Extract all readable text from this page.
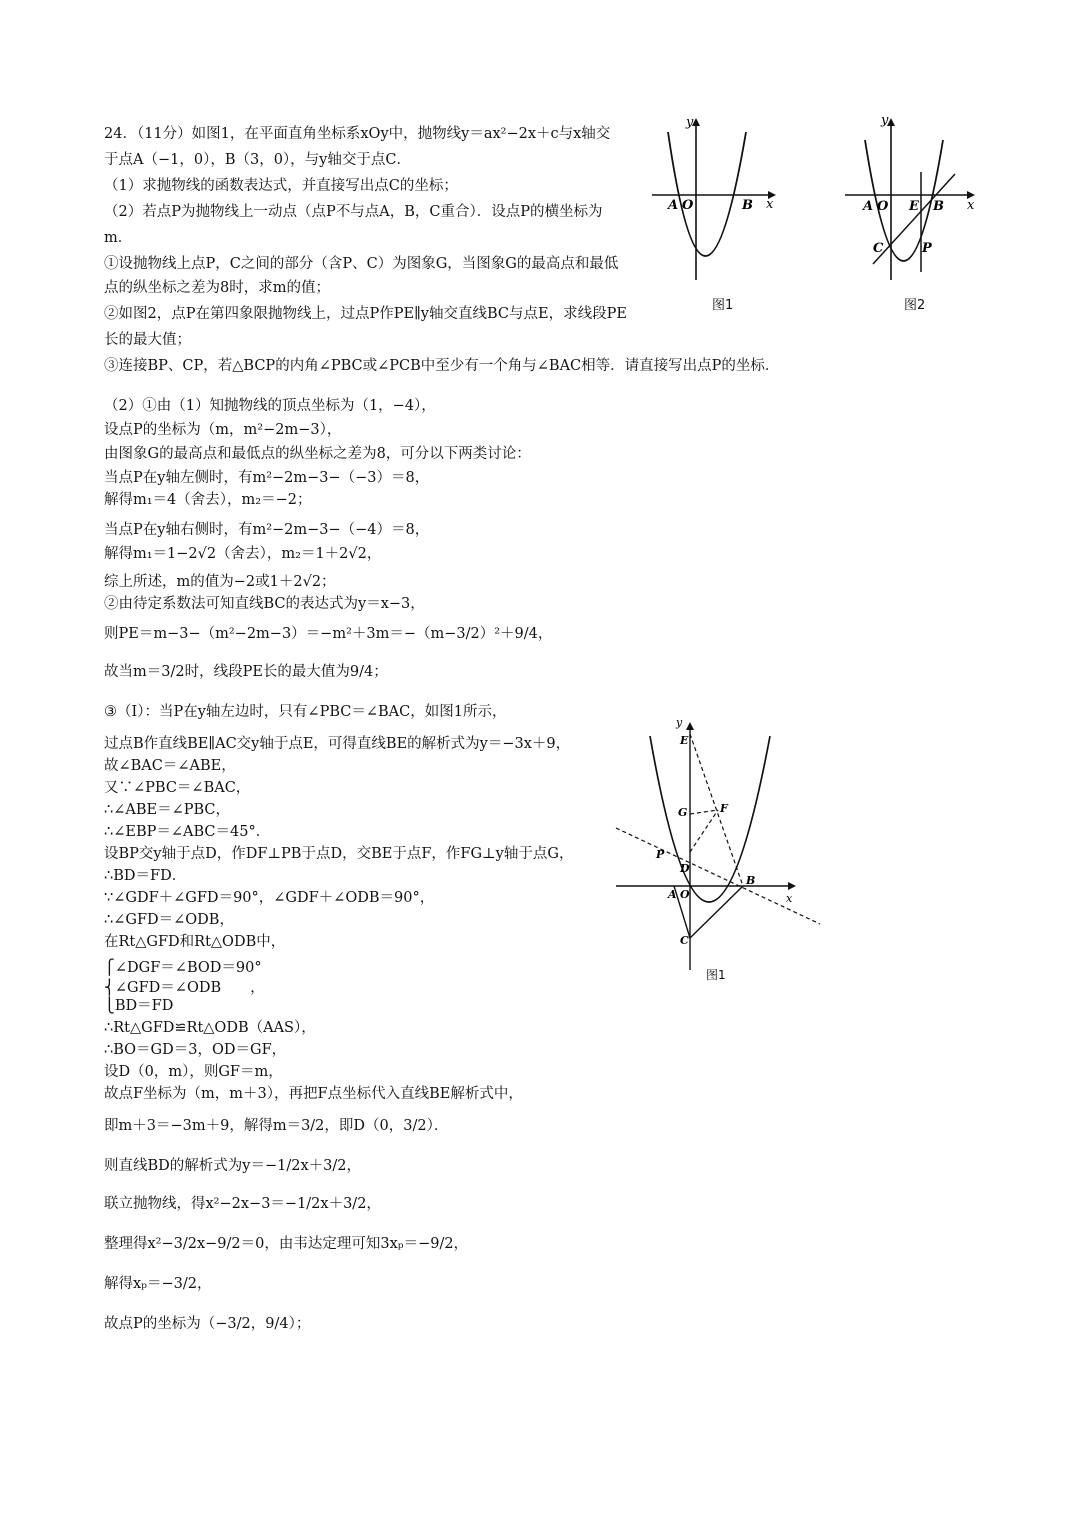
24．（11分）如图1，在平面直角坐标系xOy中，抛物线y＝ax²−2x＋c与x轴交
于点A（−1，0），B（3，0），与y轴交于点C．
（1）求抛物线的函数表达式，并直接写出点C的坐标；
（2）若点P为抛物线上一动点（点P不与点A，B，C重合）．设点P的横坐标为
m．
①设抛物线上点P，C之间的部分（含P、C）为图象G，当图象G的最高点和最低
点的纵坐标之差为8时，求m的值；
②如图2，点P在第四象限抛物线上，过点P作PE∥y轴交直线BC与点E，求线段PE
长的最大值；
③连接BP、CP，若△BCP的内角∠PBC或∠PCB中至少有一个角与∠BAC相等．请直接写出点P的坐标．
y
x
A O	B
图1
y
x
A O E B
C	P
图2
（2）①由（1）知抛物线的顶点坐标为（1，−4），
设点P的坐标为（m，m²−2m−3），
由图象G的最高点和最低点的纵坐标之差为8，可分以下两类讨论：
当点P在y轴左侧时，有m²−2m−3−（−3）＝8，
解得m₁＝4（舍去），m₂＝−2；
当点P在y轴右侧时，有m²−2m−3−（−4）＝8，
解得m₁＝1−2√2（舍去），m₂＝1＋2√2，
综上所述，m的值为−2或1＋2√2；
②由待定系数法可知直线BC的表达式为y＝x−3，
则PE＝m−3−（m²−2m−3）＝−m²＋3m＝−（m−3/2）²＋9/4，
故当m＝3/2时，线段PE长的最大值为9/4；
③（Ⅰ）：当P在y轴左边时，只有∠PBC＝∠BAC，如图1所示，
过点B作直线BE∥AC交y轴于点E，可得直线BE的解析式为y＝−3x＋9，
故∠BAC＝∠ABE，
又∵∠PBC＝∠BAC，
∴∠ABE＝∠PBC，
∴∠EBP＝∠ABC＝45°．
设BP交y轴于点D，作DF⊥PB于点D，交BE于点F，作FG⊥y轴于点G，
∴BD＝FD．
∵∠GDF＋∠GFD＝90°，∠GDF＋∠ODB＝90°，
∴∠GFD＝∠ODB，
在Rt△GFD和Rt△ODB中，
⎧∠DGF＝∠BOD＝90°
⎨∠GFD＝∠ODB　　，
⎩BD＝FD
∴Rt△GFD≌Rt△ODB（AAS），
∴BO＝GD＝3，OD＝GF，
设D（0，m），则GF＝m，
故点F坐标为（m，m＋3），再把F点坐标代入直线BE解析式中，
即m＋3＝−3m＋9，解得m＝3/2，即D（0，3/2）．
则直线BD的解析式为y＝−1/2x＋3/2，
联立抛物线，得x²−2x−3＝−1/2x＋3/2，
整理得x²−3/2x−9/2＝0，由韦达定理可知3xₚ＝−9/2，
解得xₚ＝−3/2，
故点P的坐标为（−3/2，9/4）；
y
x
E
G	F
P
D
A O
B
C
图1
